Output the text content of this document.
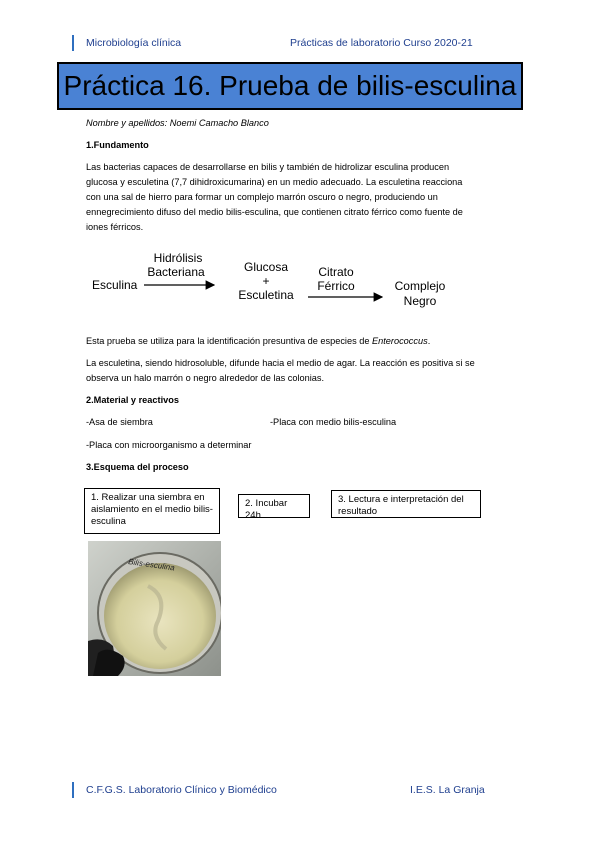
Microbiología clínica	Prácticas de laboratorio Curso 2020-21
Práctica 16. Prueba de bilis-esculina
Nombre y apellidos: Noemi Camacho Blanco
1.Fundamento
Las bacterias capaces de desarrollarse en bilis y también de hidrolizar esculina producen
glucosa y esculetina (7,7 dihidroxicumarina) en un medio adecuado. La esculetina reacciona
con una sal de hierro para formar un complejo marrón oscuro o negro, produciendo un
ennegrecimiento difuso del medio bilis-esculina, que contienen citrato férrico como fuente de
iones férricos.
Esculina
Hidrólisis
Bacteriana	Glucosa
+
Esculetina
Citrato
Férrico	Complejo
Negro
Esta prueba se utiliza para la identificación presuntiva de especies de Enterococcus.
La esculetina, siendo hidrosoluble, difunde hacia el medio de agar. La reacción es positiva si se
observa un halo marrón o negro alrededor de las colonias.
2.Material y reactivos
-Asa de siembra	-Placa con medio bilis-esculina
-Placa con microorganismo a determinar
3.Esquema del proceso
1. Realizar una siembra en aislamiento en el medio bilis-esculina
2. Incubar 24h
3. Lectura e interpretación del resultado
Bilis-esculina
C.F.G.S. Laboratorio Clínico y Biomédico	I.E.S. La Granja
